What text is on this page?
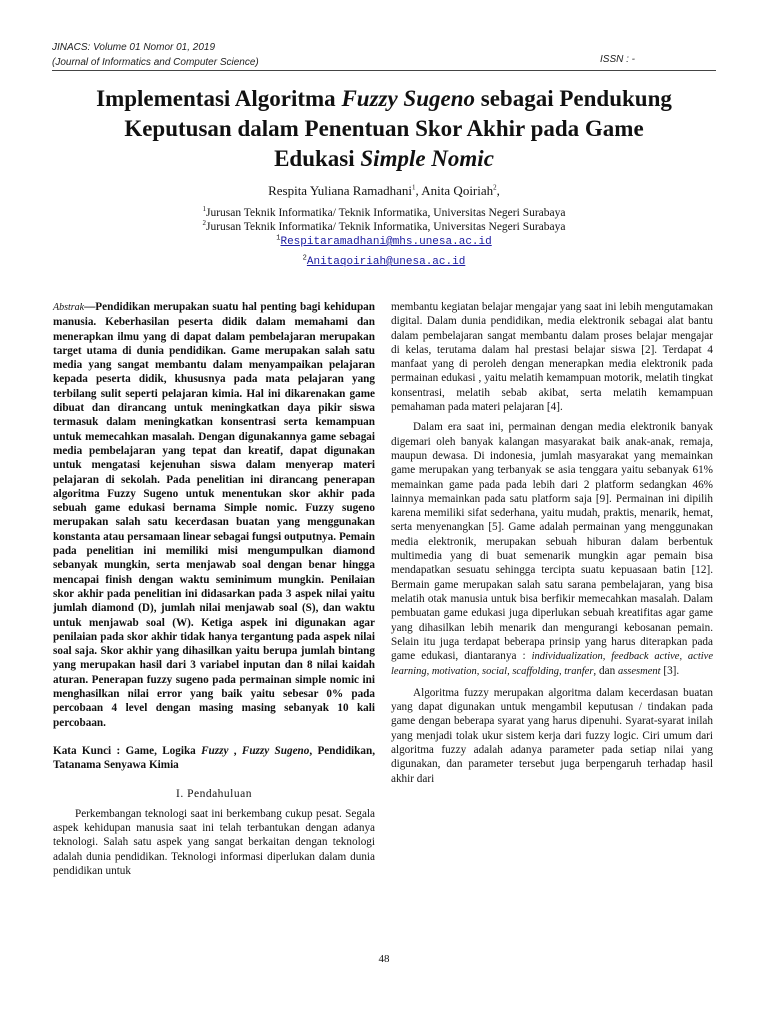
JINACS: Volume 01 Nomor 01, 2019
(Journal of Informatics and Computer Science)	ISSN : -
Implementasi Algoritma Fuzzy Sugeno sebagai Pendukung
Keputusan dalam Penentuan Skor Akhir pada Game
Edukasi Simple Nomic
Respita Yuliana Ramadhani$^1$, Anita Qoiriah$^2$,
$^1$Jurusan Teknik Informatika/ Teknik Informatika, Universitas Negeri Surabaya
$^2$Jurusan Teknik Informatika/ Teknik Informatika, Universitas Negeri Surabaya
$^1$Respitaramadhani@mhs.unesa.ac.id
$^2$Anitaqoiriah@unesa.ac.id

Abstrak—Pendidikan merupakan suatu hal penting bagi kehidupan manusia. Keberhasilan peserta didik dalam memahami dan menerapkan ilmu yang di dapat dalam pembelajaran merupakan target utama di dunia pendidikan. Game merupakan salah satu media yang sangat membantu dalam menyampaikan pelajaran kepada peserta didik, khususnya pada mata pelajaran yang terbilang sulit seperti pelajaran kimia. Hal ini dikarenakan game dibuat dan dirancang untuk meningkatkan daya pikir siswa termasuk dalam meningkatkan konsentrasi serta kemampuan untuk memecahkan masalah. Dengan digunakannya game sebagai media pembelajaran yang tepat dan kreatif, dapat digunakan untuk mengatasi kejenuhan siswa dalam menyerap materi pelajaran di sekolah. Pada penelitian ini dirancang penerapan algoritma Fuzzy Sugeno untuk menentukan skor akhir pada sebuah game edukasi bernama Simple nomic. Fuzzy sugeno merupakan salah satu kecerdasan buatan yang menggunakan konstanta atau persamaan linear sebagai fungsi outputnya. Pemain pada penelitian ini memiliki misi mengumpulkan diamond sebanyak mungkin, serta menjawab soal dengan benar hingga mencapai finish dengan waktu seminimum mungkin. Penilaian skor akhir pada penelitian ini didasarkan pada 3 aspek nilai yaitu jumlah diamond (D), jumlah nilai menjawab soal (S), dan waktu untuk menjawab soal (W). Ketiga aspek ini digunakan agar penilaian pada skor akhir tidak hanya tergantung pada aspek nilai soal saja. Skor akhir yang dihasilkan yaitu berupa jumlah bintang yang merupakan hasil dari 3 variabel inputan dan 8 nilai kaidah aturan. Penerapan fuzzy sugeno pada permainan simple nomic ini menghasilkan nilai error yang baik yaitu sebesar 0% pada percobaan 4 level dengan masing masing sebanyak 10 kali percobaan.

Kata Kunci : Game, Logika Fuzzy , Fuzzy Sugeno, Pendidikan, Tatanama Senyawa Kimia

I. Pendahuluan

Perkembangan teknologi saat ini berkembang cukup pesat. Segala aspek kehidupan manusia saat ini telah terbantukan dengan adanya teknologi. Salah satu aspek yang sangat berkaitan dengan teknologi adalah dunia pendidikan. Teknologi informasi diperlukan dalam dunia pendidikan untuk

membantu kegiatan belajar mengajar yang saat ini lebih mengutamakan digital. Dalam dunia pendidikan, media elektronik sebagai alat bantu dalam pembelajaran sangat membantu dalam proses belajar mengajar di kelas, terutama dalam hal prestasi belajar siswa [2]. Terdapat 4 manfaat yang di peroleh dengan menerapkan media elektronik pada permainan edukasi , yaitu melatih kemampuan motorik, melatih tingkat konsentrasi, melatih sebab akibat, serta melatih kemampuan pemahaman pada materi pelajaran [4].

Dalam era saat ini, permainan dengan media elektronik banyak digemari oleh banyak kalangan masyarakat baik anak-anak, remaja, maupun dewasa. Di indonesia, jumlah masyarakat yang memainkan game merupakan yang terbanyak se asia tenggara yaitu sebanyak 61% memainkan game pada pada lebih dari 2 platform sedangkan 46% lainnya memainkan pada satu platform saja [9]. Permainan ini dipilih karena memiliki sifat sederhana, yaitu mudah, praktis, menarik, hemat, serta menyenangkan [5]. Game adalah permainan yang menggunakan media elektronik, merupakan sebuah hiburan dalam berbentuk multimedia yang di buat semenarik mungkin agar pemain bisa mendapatkan sesuatu sehingga tercipta suatu kepuasaan batin [12]. Bermain game merupakan salah satu sarana pembelajaran, yang bisa melatih otak manusia untuk bisa berfikir memecahkan masalah. Dalam pembuatan game edukasi juga diperlukan sebuah kreatifitas agar game yang dihasilkan lebih menarik dan mengurangi kebosanan pemain. Selain itu juga terdapat beberapa prinsip yang harus diterapkan pada game edukasi, diantaranya : individualization, feedback active, active learning, motivation, social, scaffolding, tranfer, dan assesment [3].

Algoritma fuzzy merupakan algoritma dalam kecerdasan buatan yang dapat digunakan untuk mengambil keputusan / tindakan pada game dengan beberapa syarat yang harus dipenuhi. Syarat-syarat inilah yang menjadi tolak ukur sistem kerja dari fuzzy logic. Ciri umum dari algoritma fuzzy adalah adanya parameter pada setiap nilai yang digunakan, dan parameter tersebut juga berpengaruh terhadap hasil akhir dari

48
